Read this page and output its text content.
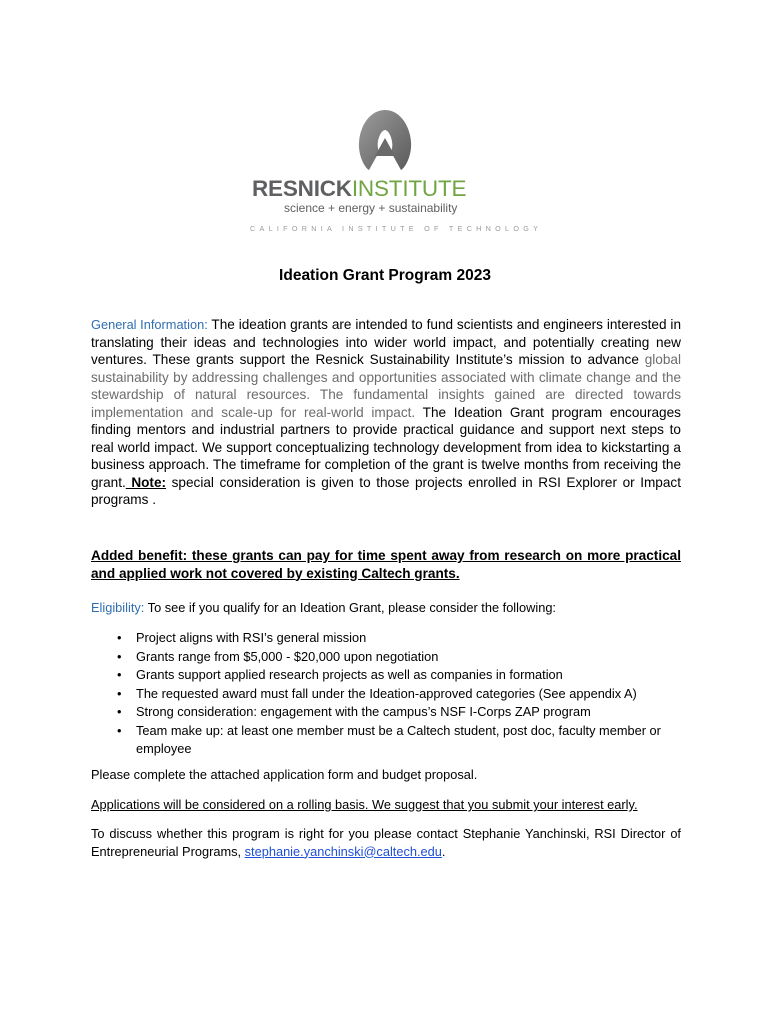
RESNICKINSTITUTE
science + energy + sustainability
CALIFORNIA INSTITUTE OF TECHNOLOGY
Ideation Grant Program 2023
General Information: The ideation grants are intended to fund scientists and engineers interested in translating their ideas and technologies into wider world impact, and potentially creating new ventures. These grants support the Resnick Sustainability Institute’s mission to advance global sustainability by addressing challenges and opportunities associated with climate change and the stewardship of natural resources. The fundamental insights gained are directed towards implementation and scale-up for real-world impact. The Ideation Grant program encourages finding mentors and industrial partners to provide practical guidance and support next steps to real world impact. We support conceptualizing technology development from idea to kickstarting a business approach. The timeframe for completion of the grant is twelve months from receiving the grant. Note: special consideration is given to those projects enrolled in RSI Explorer or Impact programs .
Added benefit: these grants can pay for time spent away from research on more practical and applied work not covered by existing Caltech grants.
Eligibility: To see if you qualify for an Ideation Grant, please consider the following:
• Project aligns with RSI’s general mission
• Grants range from $5,000 - $20,000 upon negotiation
• Grants support applied research projects as well as companies in formation
• The requested award must fall under the Ideation-approved categories (See appendix A)
• Strong consideration: engagement with the campus’s NSF I-Corps ZAP program
• Team make up: at least one member must be a Caltech student, post doc, faculty member or employee
Please complete the attached application form and budget proposal.
Applications will be considered on a rolling basis. We suggest that you submit your interest early.
To discuss whether this program is right for you please contact Stephanie Yanchinski, RSI Director of Entrepreneurial Programs, stephanie.yanchinski@caltech.edu.
